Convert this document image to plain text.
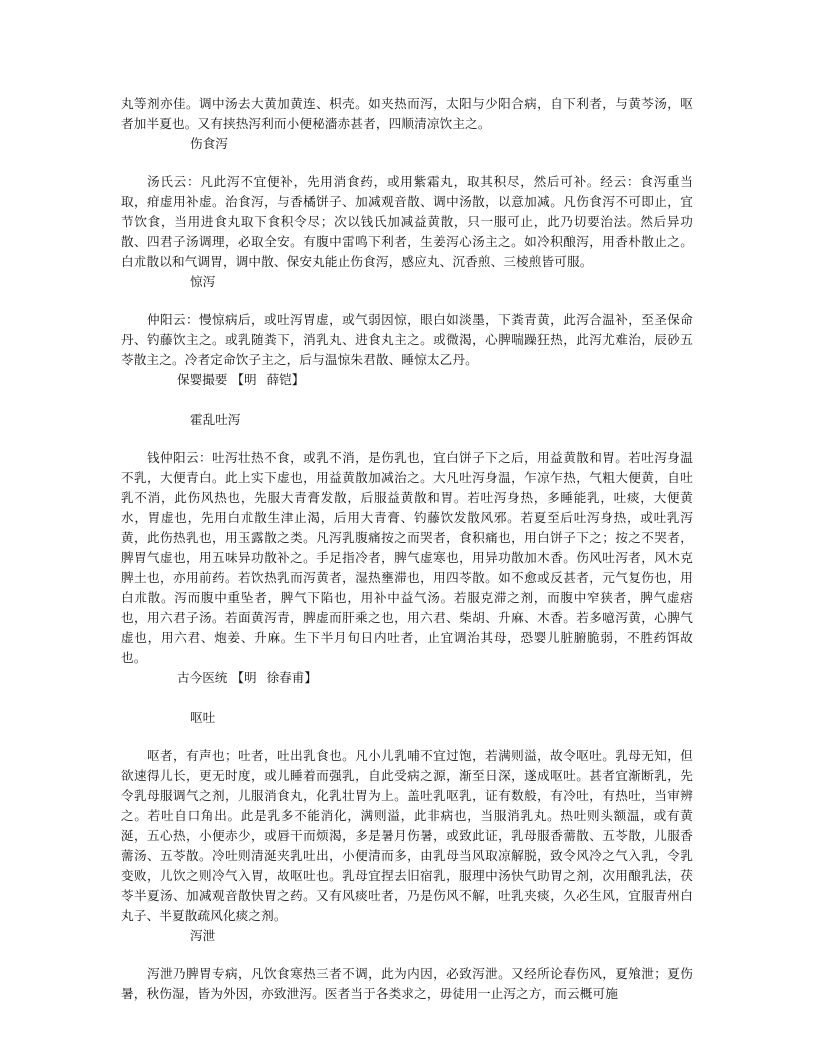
丸等剂亦佳。调中汤去大黄加黄连、枳壳。如夹热而泻，太阳与少阳合病，自下利者，与黄芩汤，呕者加半夏也。又有挟热泻利而小便秘濇赤甚者，四顺清凉饮主之。

伤食泻

汤氏云：凡此泻不宜便补，先用消食药，或用紫霜丸，取其积尽，然后可补。经云：食泻重当取，疳虚用补虚。治食泻，与香橘饼子、加减观音散、调中汤散，以意加减。凡伤食泻不可即止，宜节饮食，当用进食丸取下食积令尽；次以钱氏加减益黄散，只一服可止，此乃切要治法。然后异功散、四君子汤调理，必取全安。有腹中雷鸣下利者，生姜泻心汤主之。如冷积酿泻，用香朴散止之。白朮散以和气调胃，调中散、保安丸能止伤食泻，感应丸、沉香煎、三棱煎皆可服。

惊泻

仲阳云：慢惊病后，或吐泻胃虚，或气弱因惊，眼白如淡墨，下粪青黄，此泻合温补，至圣保命丹、钓藤饮主之。或乳随粪下，消乳丸、进食丸主之。或微渴，心脾喘躁狂热，此泻尤难治，辰砂五苓散主之。冷者定命饮子主之，后与温惊朱君散、睡惊太乙丹。

保婴撮要 【明 薛铠】

霍乱吐泻

钱仲阳云：吐泻壮热不食，或乳不消，是伤乳也，宜白饼子下之后，用益黄散和胃。若吐泻身温不乳，大便青白。此上实下虚也，用益黄散加减治之。大凡吐泻身温，乍凉乍热，气粗大便黄，自吐乳不消，此伤风热也，先服大青膏发散，后服益黄散和胃。若吐泻身热，多睡能乳，吐痰，大便黄水，胃虚也，先用白朮散生津止渴，后用大青膏、钓藤饮发散风邪。若夏至后吐泻身热，或吐乳泻黄，此伤热乳也，用玉露散之类。凡泻乳腹痛按之而哭者，食积痛也，用白饼子下之；按之不哭者，脾胃气虚也，用五味异功散补之。手足指冷者，脾气虚寒也，用异功散加木香。伤风吐泻者，风木克脾土也，亦用前药。若饮热乳而泻黄者，湿热壅滞也，用四苓散。如不愈或反甚者，元气复伤也，用白朮散。泻而腹中重坠者，脾气下陷也，用补中益气汤。若服克滞之剂，而腹中窄狭者，脾气虚痞也，用六君子汤。若面黄泻青，脾虚而肝乘之也，用六君、柴胡、升麻、木香。若多噫泻黄，心脾气虚也，用六君、炮姜、升麻。生下半月旬日内吐者，止宜调治其母，恐婴儿脏腑脆弱，不胜药饵故也。

古今医统 【明 徐春甫】

呕吐

呕者，有声也；吐者，吐出乳食也。凡小儿乳哺不宜过饱，若满则溢，故令呕吐。乳母无知，但欲速得儿长，更无时度，或儿睡着而强乳，自此受病之源，渐至日深，遂成呕吐。甚者宜渐断乳，先令乳母服调气之剂，儿服消食丸，化乳壮胃为上。盖吐乳呕乳，证有数般，有冷吐，有热吐，当审辨之。若吐自口角出。此是乳多不能消化，满则溢，此非病也，当服消乳丸。热吐则头额温，或有黄涎，五心热，小便赤少，或唇干而烦渴，多是暑月伤暑，或致此证，乳母服香薷散、五苓散，儿服香薷汤、五苓散。冷吐则清涎夹乳吐出，小便清而多，由乳母当风取凉解脱，致令风冷之气入乳，令乳变败，儿饮之则冷气入胃，故呕吐也。乳母宜捏去旧宿乳，服理中汤快气助胃之剂，次用酿乳法，茯苓半夏汤、加减观音散快胃之药。又有风痰吐者，乃是伤风不解，吐乳夹痰，久必生风，宜服青州白丸子、半夏散疏风化痰之剂。

泻泄

泻泄乃脾胃专病，凡饮食寒热三者不调，此为内因，必致泻泄。又经所论春伤风，夏飧泄；夏伤暑，秋伤湿，皆为外因，亦致泄泻。医者当于各类求之，毋徒用一止泻之方，而云概可施
